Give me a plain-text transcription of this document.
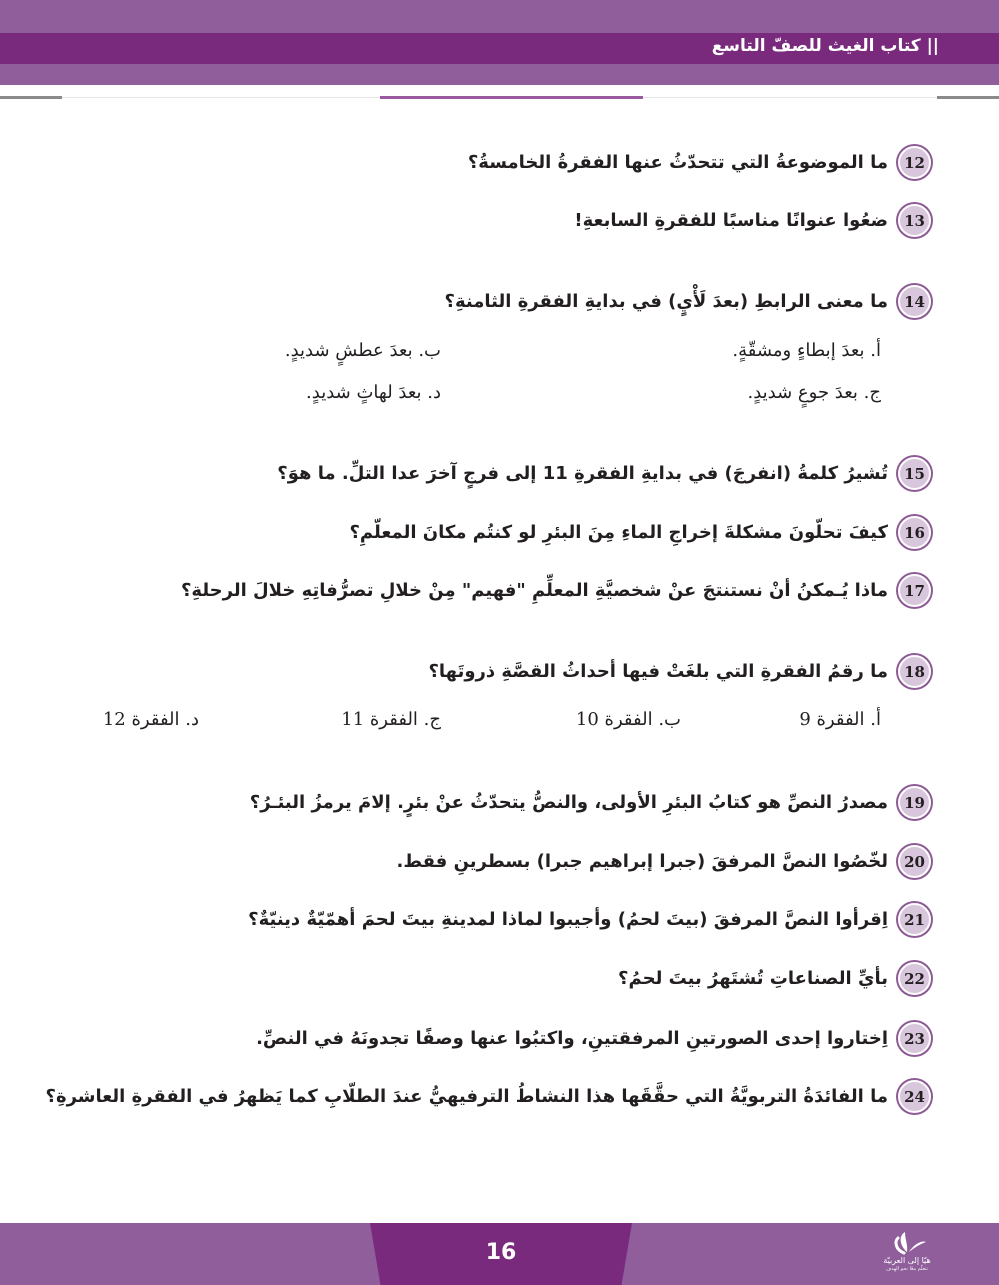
|| كتاب الغيث للصفّ التاسع
12
ما الموضوعةُ التي تتحدّثُ عنها الفقرةُ الخامسةُ؟
13
ضعُوا عنوانًا مناسبًا للفقرةِ السابعةِ!
14
ما معنى الرابطِ (بعدَ لَأْيٍ) في بدايةِ الفقرةِ الثامنةِ؟
أ. بعدَ إبطاءٍ ومشقّةٍ.
ب. بعدَ عطشٍ شديدٍ.
ج. بعدَ جوعٍ شديدٍ.
د. بعدَ لهاثٍ شديدٍ.
15
تُشيرُ كلمةُ (انفرجَ) في بدايةِ الفقرةِ 11 إلى فرجٍ آخرَ عدا التلِّ. ما هوَ؟
16
كيفَ تحلّونَ مشكلةَ إخراجِ الماءِ مِنَ البئرِ لو كنتُم مكانَ المعلّمِ؟
17
ماذا يُـمكنُ أنْ نستنتجَ عنْ شخصيَّةِ المعلِّمِ "فهيم" مِنْ خلالِ تصرُّفاتِهِ خلالَ الرحلةِ؟
18
ما رقمُ الفقرةِ التي بلغَتْ فيها أحداثُ القصَّةِ ذروتَها؟
أ. الفقرة 9
ب. الفقرة 10
ج. الفقرة 11
د. الفقرة 12
19
مصدرُ النصِّ هو كتابُ البئرِ الأولى، والنصُّ يتحدّثُ عنْ بئرٍ. إلامَ يرمزُ البئـرُ؟
20
لخّصُوا النصَّ المرفقَ (جبرا إبراهيم جبرا) بسطرينِ فقط.
21
اِقرأوا النصَّ المرفقَ (بيتَ لحمُ) وأجيبوا لماذا لمدينةِ بيتَ لحمَ أهمّيّةٌ دينيّةٌ؟
22
بأيِّ الصناعاتِ تُشتَهرُ بيتَ لحمُ؟
23
اِختاروا إحدى الصورتينِ المرفقتينِ، واكتبُوا عنها وصفًا تجدونَهُ في النصِّ.
24
ما الفائدَةُ التربويَّةُ التي حقَّقَها هذا النشاطُ الترفيهيُّ عندَ الطلّابِ كما يَظهرُ في الفقرةِ العاشرةِ؟
16	هيّا إلى العربيّة
نتعلّم معًا نحو الهدف
